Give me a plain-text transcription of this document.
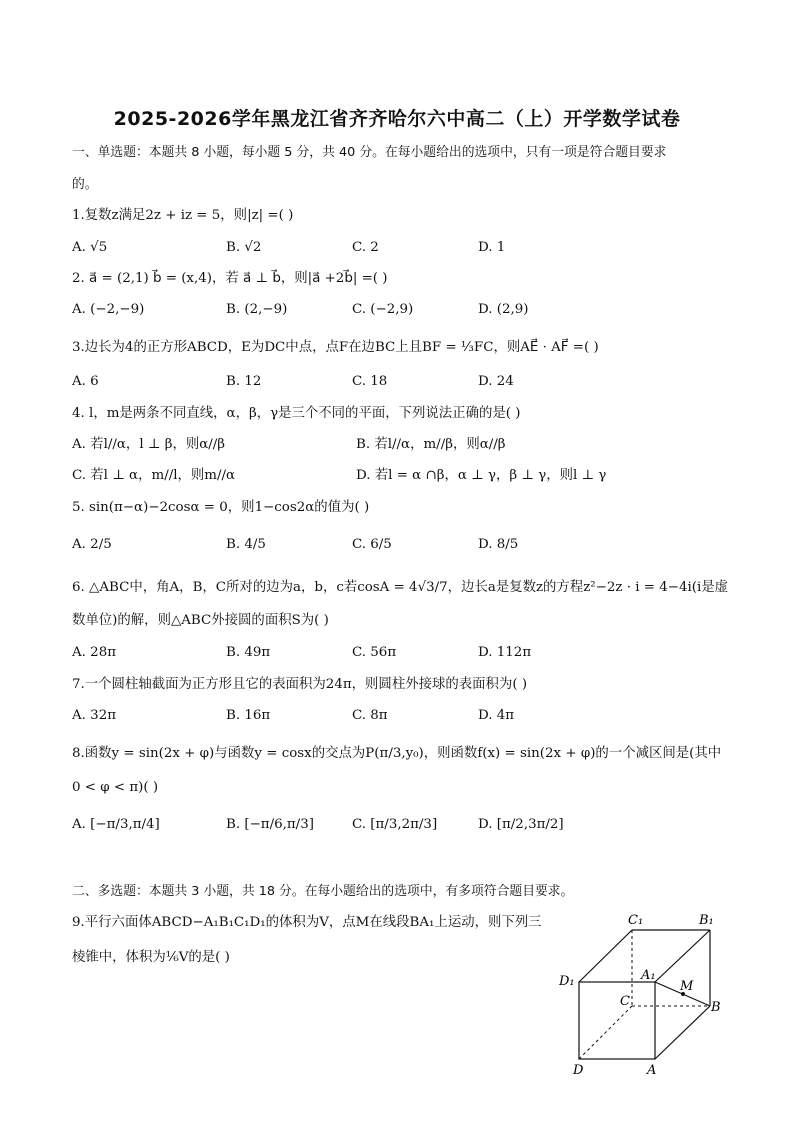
2025-2026学年黑龙江省齐齐哈尔六中高二（上）开学数学试卷
一、单选题：本题共 8 小题，每小题 5 分，共 40 分。在每小题给出的选项中，只有一项是符合题目要求
的。
1.复数z满足2z + iz = 5，则|z| =( )
A. √5	B. √2	C. 2	D. 1
2. a⃗ = (2,1) b⃗ = (x,4)，若 a⃗ ⊥ b⃗，则|a⃗ +2b⃗| =( )
A. (−2,−9)	B. (2,−9)	C. (−2,9)	D. (2,9)
3.边长为4的正方形ABCD，E为DC中点，点F在边BC上且BF = ⅓FC，则AE⃗ · AF⃗ =( )
A. 6	B. 12	C. 18	D. 24
4. l，m是两条不同直线，α，β，γ是三个不同的平面，下列说法正确的是( )
A. 若l//α，l ⊥ β，则α//β	B. 若l//α，m//β，则α//β
C. 若l ⊥ α，m//l，则m//α	D. 若l = α ∩β，α ⊥ γ，β ⊥ γ，则l ⊥ γ
5. sin(π−α)−2cosα = 0，则1−cos2α的值为( )
A. 2/5	B. 4/5	C. 6/5	D. 8/5
6. △ABC中，角A，B，C所对的边为a，b，c若cosA = 4√3/7，边长a是复数z的方程z²−2z · i = 4−4i(i是虚
数单位)的解，则△ABC外接圆的面积S为( )
A. 28π	B. 49π	C. 56π	D. 112π
7.一个圆柱轴截面为正方形且它的表面积为24π，则圆柱外接球的表面积为( )
A. 32π	B. 16π	C. 8π	D. 4π
8.函数y = sin(2x + φ)与函数y = cosx的交点为P(π/3,y₀)，则函数f(x) = sin(2x + φ)的一个减区间是(其中
0 < φ < π)( )
A. [−π/3,π/4]	B. [−π/6,π/3]	C. [π/3,2π/3]	D. [π/2,3π/2]
二、多选题：本题共 3 小题，共 18 分。在每小题给出的选项中，有多项符合题目要求。
9.平行六面体ABCD−A₁B₁C₁D₁的体积为V，点M在线段BA₁上运动，则下列三
棱锥中，体积为⅙V的是( )
C₁	B₁
A₁
D₁	M
C	B
D	A
